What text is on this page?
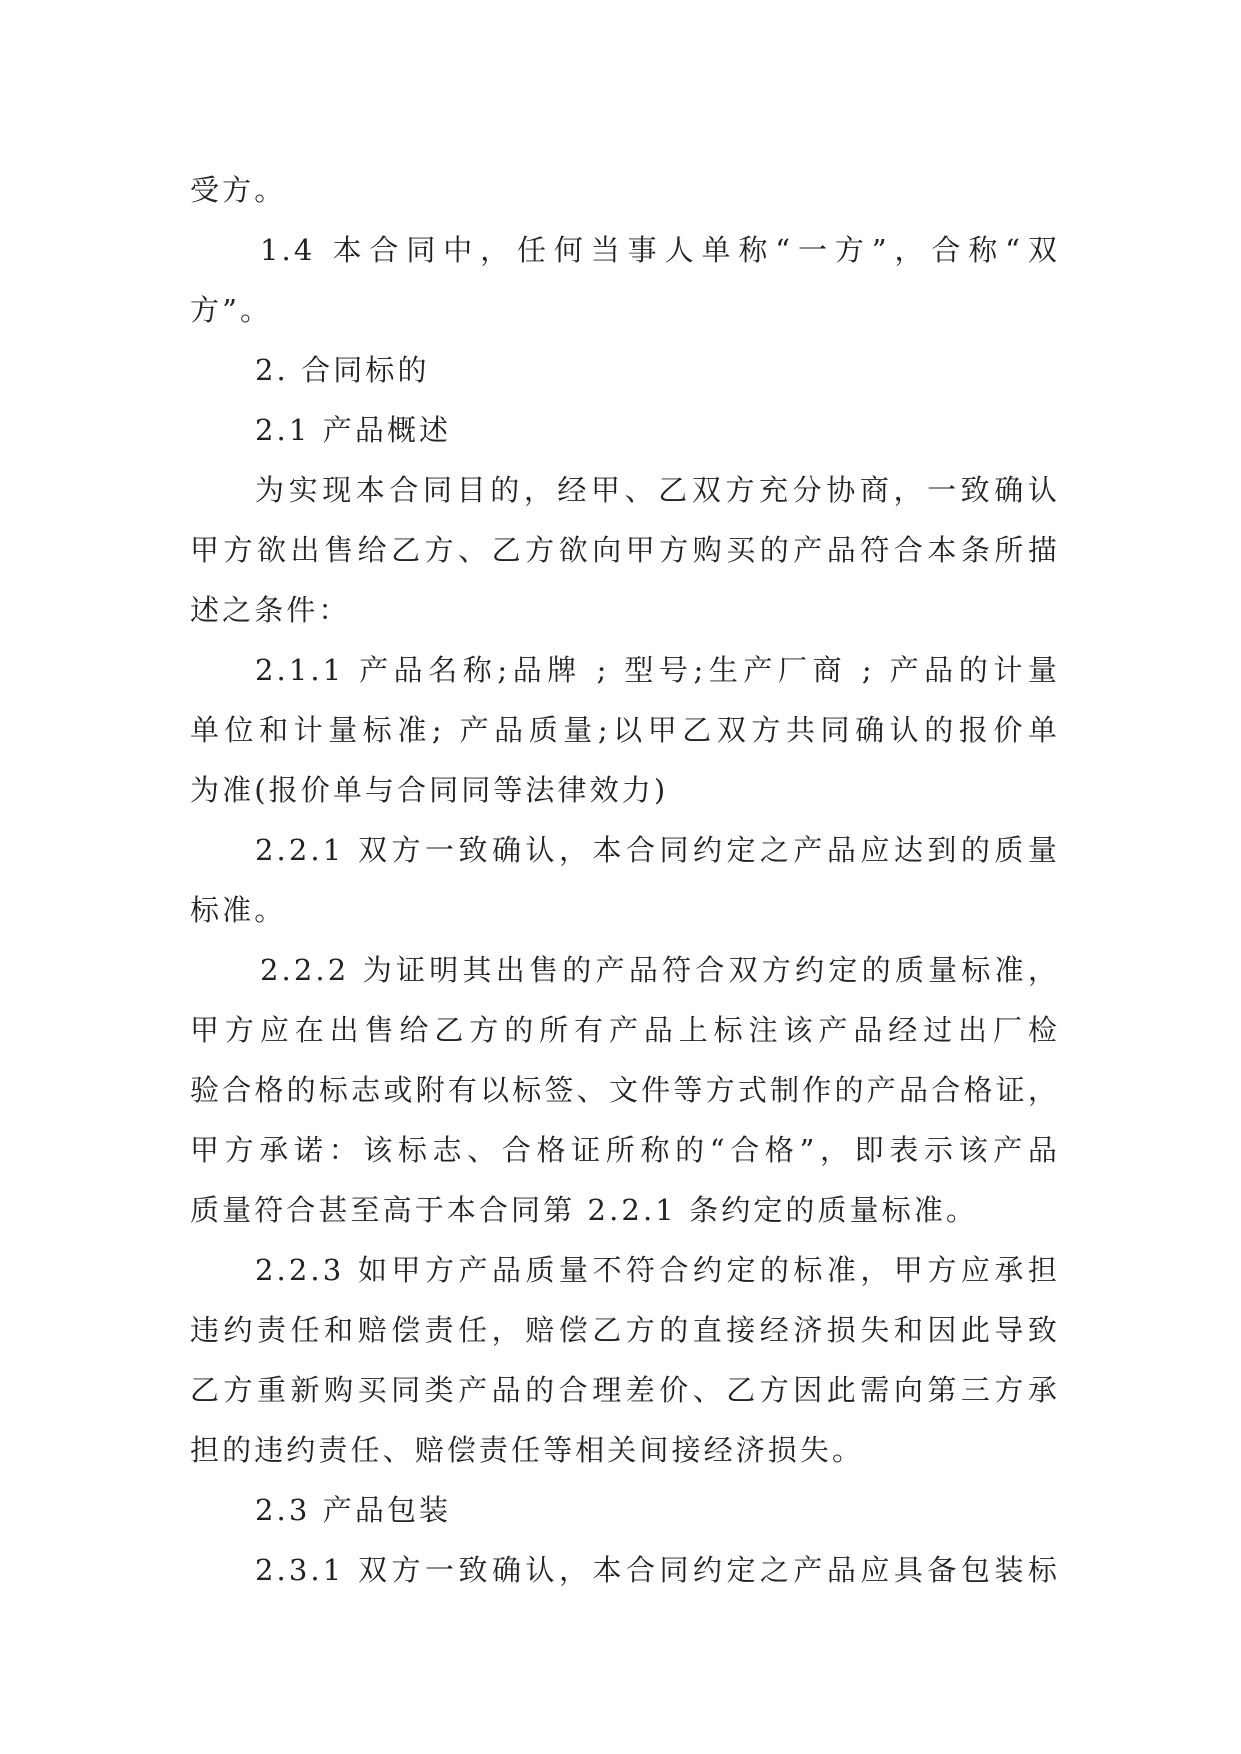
受方。
1.4 本合同中，任何当事人单称“一方”，合称“双
方”。
2. 合同标的
2.1 产品概述
为实现本合同目的，经甲、乙双方充分协商，一致确认
甲方欲出售给乙方、乙方欲向甲方购买的产品符合本条所描
述之条件：
2.1.1 产品名称;品牌 ; 型号;生产厂商 ; 产品的计量
单位和计量标准; 产品质量;以甲乙双方共同确认的报价单
为准(报价单与合同同等法律效力)
2.2.1 双方一致确认，本合同约定之产品应达到的质量
标准。
2.2.2 为证明其出售的产品符合双方约定的质量标准，
甲方应在出售给乙方的所有产品上标注该产品经过出厂检
验合格的标志或附有以标签、文件等方式制作的产品合格证，
甲方承诺：该标志、合格证所称的“合格”，即表示该产品
质量符合甚至高于本合同第 2.2.1 条约定的质量标准。
2.2.3 如甲方产品质量不符合约定的标准，甲方应承担
违约责任和赔偿责任，赔偿乙方的直接经济损失和因此导致
乙方重新购买同类产品的合理差价、乙方因此需向第三方承
担的违约责任、赔偿责任等相关间接经济损失。
2.3 产品包装
2.3.1 双方一致确认，本合同约定之产品应具备包装标
